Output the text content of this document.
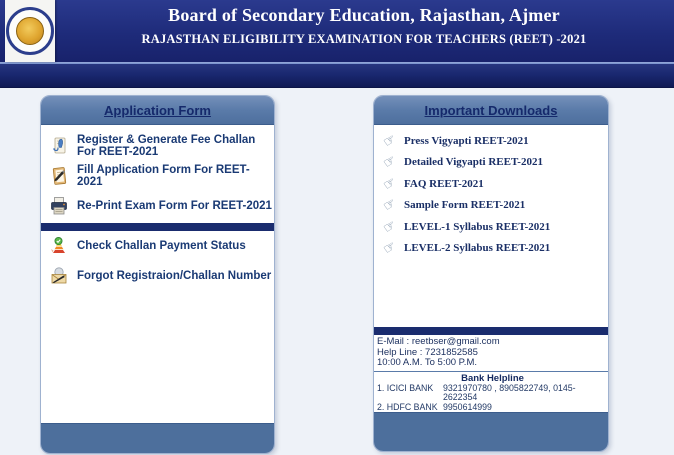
Board of Secondary Education, Rajasthan, Ajmer
RAJASTHAN ELIGIBILITY EXAMINATION FOR TEACHERS (REET) -2021
Application Form
Register & Generate Fee Challan For REET-2021
Fill Application Form For REET-2021
Re-Print Exam Form For REET-2021
Check Challan Payment Status
Forgot Registraion/Challan Number
Important Downloads
☞ Press Vigyapti REET-2021
☞ Detailed Vigyapti REET-2021
☞ FAQ REET-2021
☞ Sample Form REET-2021
☞ LEVEL-1 Syllabus REET-2021
☞ LEVEL-2 Syllabus REET-2021
E-Mail : reetbser@gmail.com
Help Line : 7231852585
10:00 A.M. To 5:00 P.M.
Bank Helpline
1. ICICI BANK	9321970780 , 8905822749, 0145-2622354
2. HDFC BANK 9950614999
